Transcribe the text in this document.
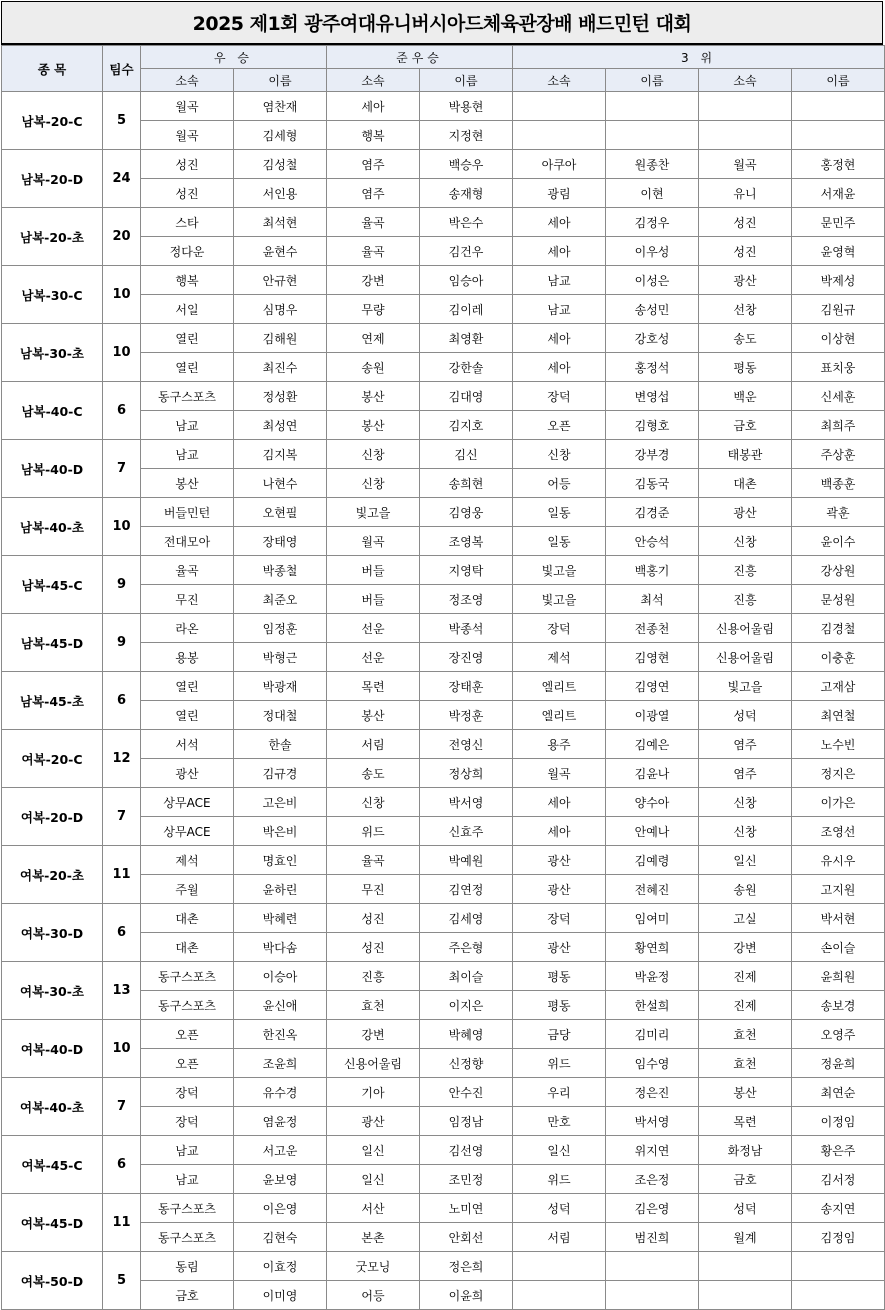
2025 제1회 광주여대유니버시아드체육관장배 배드민턴 대회
종 목	팀수	우 승		준우승		3 위			
		소속	이름	소속	이름	소속	이름	소속	이름
남복-20-C	5	월곡	염찬재	세아	박용현				
		월곡	김세형	행복	지정현				
남복-20-D	24	성진	김성철	염주	백승우	아쿠아	원종찬	월곡	홍정현
		성진	서인용	염주	송재형	광림	이현	유니	서재윤
남복-20-초	20	스타	최석현	율곡	박은수	세아	김정우	성진	문민주
		정다운	윤현수	율곡	김건우	세아	이우성	성진	윤영혁
남복-30-C	10	행복	안규현	강변	임승아	남교	이성은	광산	박제성
		서일	심명우	무량	김이레	남교	송성민	선창	김원규
남복-30-초	10	열린	김해원	연제	최영환	세아	강호성	송도	이상현
		열린	최진수	송원	강한솔	세아	홍정석	평동	표치웅
남복-40-C	6	동구스포츠	정성환	봉산	김대영	장덕	변영섭	백운	신세훈
		남교	최성연	봉산	김지호	오픈	김형호	금호	최희주
남복-40-D	7	남교	김지복	신창	김신	신창	강부경	태봉관	주상훈
		봉산	나현수	신창	송희현	어등	김동국	대촌	백종훈
남복-40-초	10	버들민턴	오현필	빛고을	김영웅	일동	김경준	광산	곽훈
		전대모아	장태영	월곡	조영복	일동	안승석	신창	윤이수
남복-45-C	9	율곡	박종철	버들	지영탁	빛고을	백홍기	진흥	강상원
		무진	최준오	버들	정조영	빛고을	최석	진흥	문성원
남복-45-D	9	라온	임정훈	선운	박종석	장덕	전종천	신용어울림	김경철
		용봉	박형근	선운	장진영	제석	김영현	신용어울림	이충훈
남복-45-초	6	열린	박광재	목련	장태훈	엘리트	김영연	빛고을	고재삼
		열린	정대철	봉산	박정훈	엘리트	이광열	성덕	최연철
여복-20-C	12	서석	한솔	서림	전영신	용주	김예은	염주	노수빈
		광산	김규경	송도	정상희	월곡	김윤나	염주	정지은
여복-20-D	7	상무ACE	고은비	신창	박서영	세아	양수아	신창	이가은
		상무ACE	박은비	위드	신효주	세아	안예나	신창	조영선
여복-20-초	11	제석	명효인	율곡	박예원	광산	김예령	일신	유시우
		주월	윤하린	무진	김연정	광산	전혜진	송원	고지원
여복-30-D	6	대촌	박혜련	성진	김세영	장덕	임여미	고실	박서현
		대촌	박다솜	성진	주은형	광산	황연희	강변	손이슬
여복-30-초	13	동구스포츠	이승아	진흥	최이슬	평동	박윤정	진제	윤희원
		동구스포츠	윤신애	효천	이지은	평동	한설희	진제	송보경
여복-40-D	10	오픈	한진옥	강변	박혜영	금당	김미리	효천	오영주
		오픈	조윤희	신용어울림	신정향	위드	임수영	효천	정윤희
여복-40-초	7	장덕	유수경	기아	안수진	우리	정은진	봉산	최연순
		장덕	염윤정	광산	임정남	만호	박서영	목련	이정임
여복-45-C	6	남교	서고운	일신	김선영	일신	위지연	화정남	황은주
		남교	윤보영	일신	조민정	위드	조은정	금호	김서정
여복-45-D	11	동구스포츠	이은영	서산	노미연	성덕	김은영	성덕	송지연
		동구스포츠	김현숙	본촌	안회선	서림	범진희	월계	김정임
여복-50-D	5	동림	이효정	굿모닝	정은희				
		금호	이미영	어등	이윤희				
